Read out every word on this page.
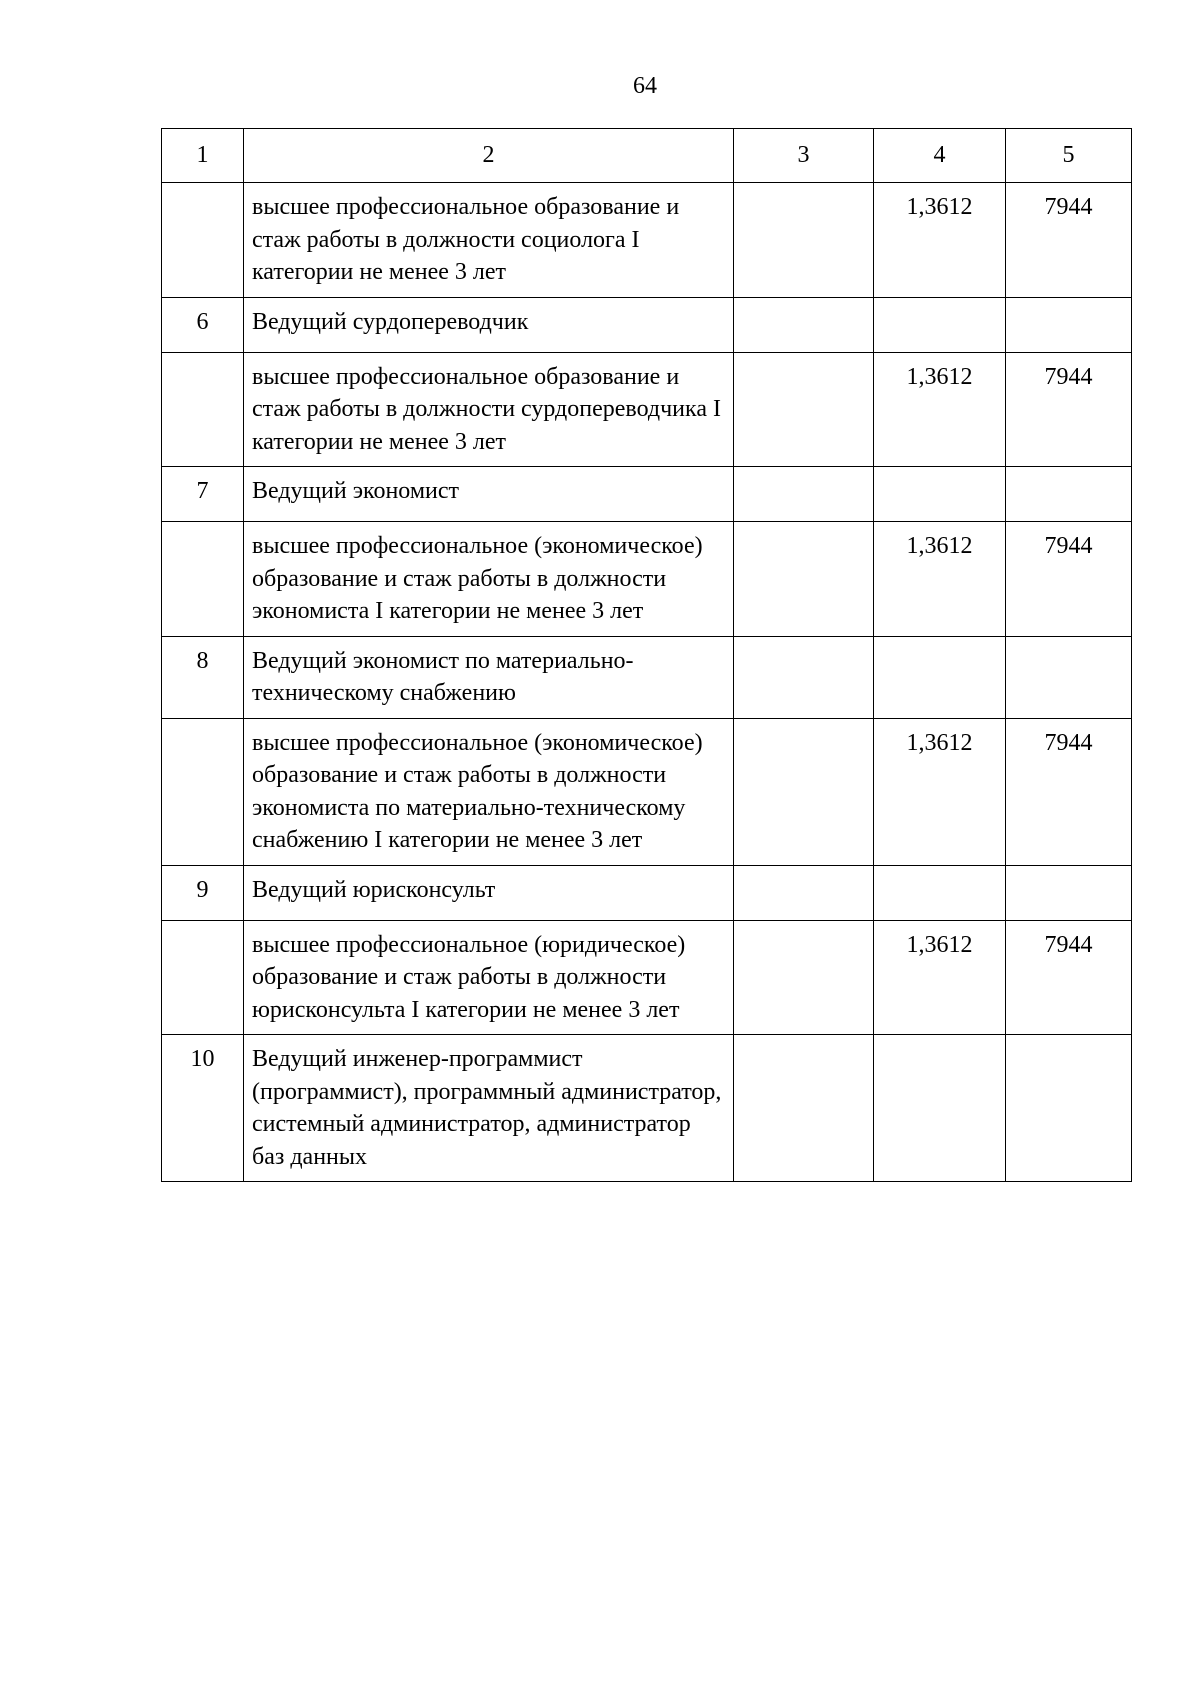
64
1	2	3	4	5
	высшее профессиональное образование и стаж работы в должности социолога I категории не менее 3 лет		1,3612	7944
6	Ведущий сурдопереводчик			
	высшее профессиональное образование и стаж работы в должности сурдопереводчика I категории не менее 3 лет		1,3612	7944
7	Ведущий экономист			
	высшее профессиональное (экономическое) образование и стаж работы в должности экономиста I категории не менее 3 лет		1,3612	7944
8	Ведущий экономист по материально-техническому снабжению			
	высшее профессиональное (экономическое) образование и стаж работы в должности экономиста по материально-техническому снабжению I категории не менее 3 лет		1,3612	7944
9	Ведущий юрисконсульт			
	высшее профессиональное (юридическое) образование и стаж работы в должности юрисконсульта I категории не менее 3 лет		1,3612	7944
10	Ведущий инженер-программист (программист), программный администратор, системный администратор, администратор баз данных			
